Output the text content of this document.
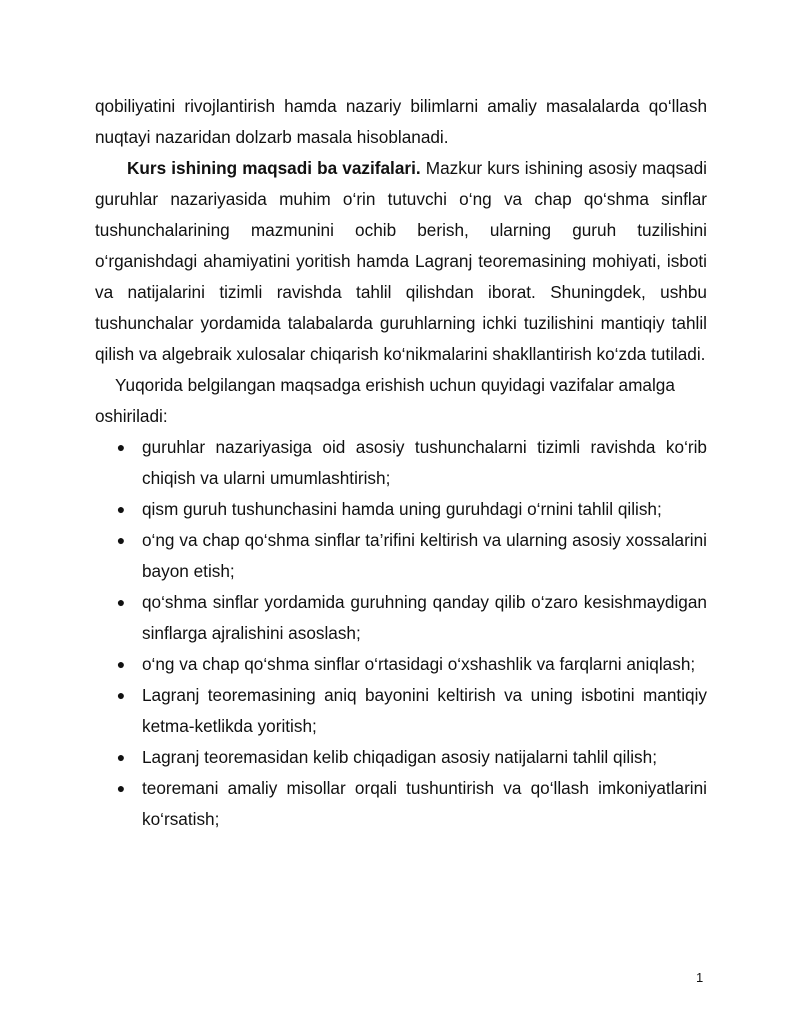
qobiliyatini rivojlantirish hamda nazariy bilimlarni amaliy masalalarda qo‘llash nuqtayi nazaridan dolzarb masala hisoblanadi.

Kurs ishining maqsadi ba vazifalari. Mazkur kurs ishining asosiy maqsadi guruhlar nazariyasida muhim o‘rin tutuvchi o‘ng va chap qo‘shma sinflar tushunchalarining mazmunini ochib berish, ularning guruh tuzilishini o‘rganishdagi ahamiyatini yoritish hamda Lagranj teoremasining mohiyati, isboti va natijalarini tizimli ravishda tahlil qilishdan iborat. Shuningdek, ushbu tushunchalar yordamida talabalarda guruhlarning ichki tuzilishini mantiqiy tahlil qilish va algebraik xulosalar chiqarish ko‘nikmalarini shakllantirish ko‘zda tutiladi.

Yuqorida belgilangan maqsadga erishish uchun quyidagi vazifalar amalga oshiriladi:

● guruhlar nazariyasiga oid asosiy tushunchalarni tizimli ravishda ko‘rib chiqish va ularni umumlashtirish;
● qism guruh tushunchasini hamda uning guruhdagi o‘rnini tahlil qilish;
● o‘ng va chap qo‘shma sinflar ta’rifini keltirish va ularning asosiy xossalarini bayon etish;
● qo‘shma sinflar yordamida guruhning qanday qilib o‘zaro kesishmaydigan sinflarga ajralishini asoslash;
● o‘ng va chap qo‘shma sinflar o‘rtasidagi o‘xshashlik va farqlarni aniqlash;
● Lagranj teoremasining aniq bayonini keltirish va uning isbotini mantiqiy ketma-ketlikda yoritish;
● Lagranj teoremasidan kelib chiqadigan asosiy natijalarni tahlil qilish;
● teoremani amaliy misollar orqali tushuntirish va qo‘llash imkoniyatlarini ko‘rsatish;
1
